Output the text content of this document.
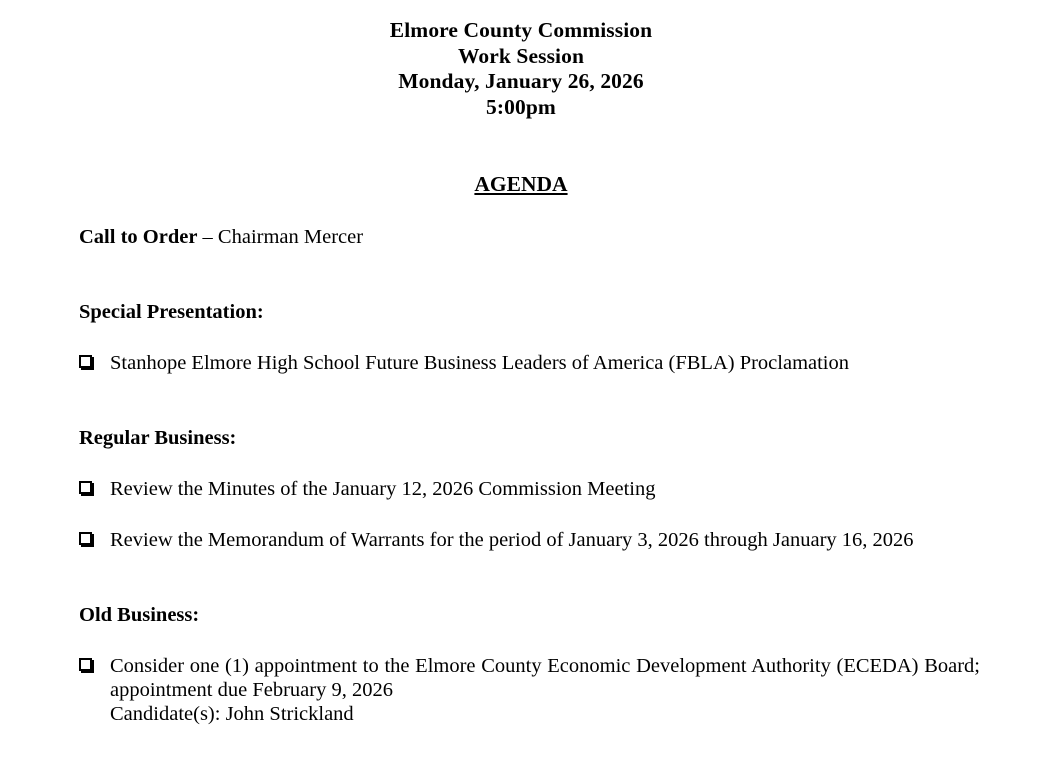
Elmore County Commission
Work Session
Monday, January 26, 2026
5:00pm
AGENDA
Call to Order – Chairman Mercer
Special Presentation:
Stanhope Elmore High School Future Business Leaders of America (FBLA) Proclamation
Regular Business:
Review the Minutes of the January 12, 2026 Commission Meeting
Review the Memorandum of Warrants for the period of January 3, 2026 through January 16, 2026
Old Business:
Consider one (1) appointment to the Elmore County Economic Development Authority (ECEDA) Board; appointment due February 9, 2026
Candidate(s): John Strickland
